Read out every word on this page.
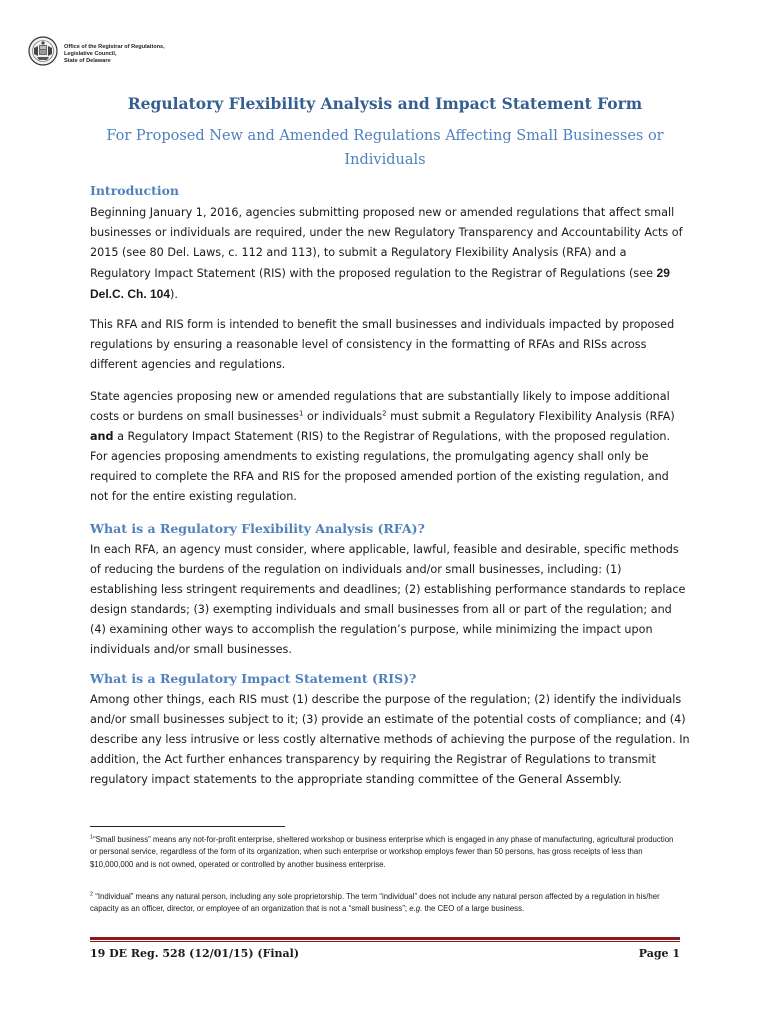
Office of the Registrar of Regulations,
Legislative Council,
State of Delaware
Regulatory Flexibility Analysis and Impact Statement Form
For Proposed New and Amended Regulations Affecting Small Businesses or Individuals
Introduction
Beginning January 1, 2016, agencies submitting proposed new or amended regulations that affect small businesses or individuals are required, under the new Regulatory Transparency and Accountability Acts of 2015 (see 80 Del. Laws, c. 112 and 113), to submit a Regulatory Flexibility Analysis (RFA) and a Regulatory Impact Statement (RIS) with the proposed regulation to the Registrar of Regulations (see 29 Del.C. Ch. 104).
This RFA and RIS form is intended to benefit the small businesses and individuals impacted by proposed regulations by ensuring a reasonable level of consistency in the formatting of RFAs and RISs across different agencies and regulations.
State agencies proposing new or amended regulations that are substantially likely to impose additional costs or burdens on small businesses$^1$ or individuals$^2$ must submit a Regulatory Flexibility Analysis (RFA) and a Regulatory Impact Statement (RIS) to the Registrar of Regulations, with the proposed regulation. For agencies proposing amendments to existing regulations, the promulgating agency shall only be required to complete the RFA and RIS for the proposed amended portion of the existing regulation, and not for the entire existing regulation.
What is a Regulatory Flexibility Analysis (RFA)?
In each RFA, an agency must consider, where applicable, lawful, feasible and desirable, specific methods of reducing the burdens of the regulation on individuals and/or small businesses, including: (1) establishing less stringent requirements and deadlines; (2) establishing performance standards to replace design standards; (3) exempting individuals and small businesses from all or part of the regulation; and (4) examining other ways to accomplish the regulation’s purpose, while minimizing the impact upon individuals and/or small businesses.
What is a Regulatory Impact Statement (RIS)?
Among other things, each RIS must (1) describe the purpose of the regulation; (2) identify the individuals and/or small businesses subject to it; (3) provide an estimate of the potential costs of compliance; and (4) describe any less intrusive or less costly alternative methods of achieving the purpose of the regulation. In addition, the Act further enhances transparency by requiring the Registrar of Regulations to transmit regulatory impact statements to the appropriate standing committee of the General Assembly.
$^1$“Small business” means any not-for-profit enterprise, sheltered workshop or business enterprise which is engaged in any phase of manufacturing, agricultural production or personal service, regardless of the form of its organization, when such enterprise or workshop employs fewer than 50 persons, has gross receipts of less than $10,000,000 and is not owned, operated or controlled by another business enterprise.
$^2$ “Individual” means any natural person, including any sole proprietorship. The term “individual” does not include any natural person affected by a regulation in his/her capacity as an officer, director, or employee of an organization that is not a “small business”; e.g. the CEO of a large business.
19 DE Reg. 528 (12/01/15) (Final)	Page 1
